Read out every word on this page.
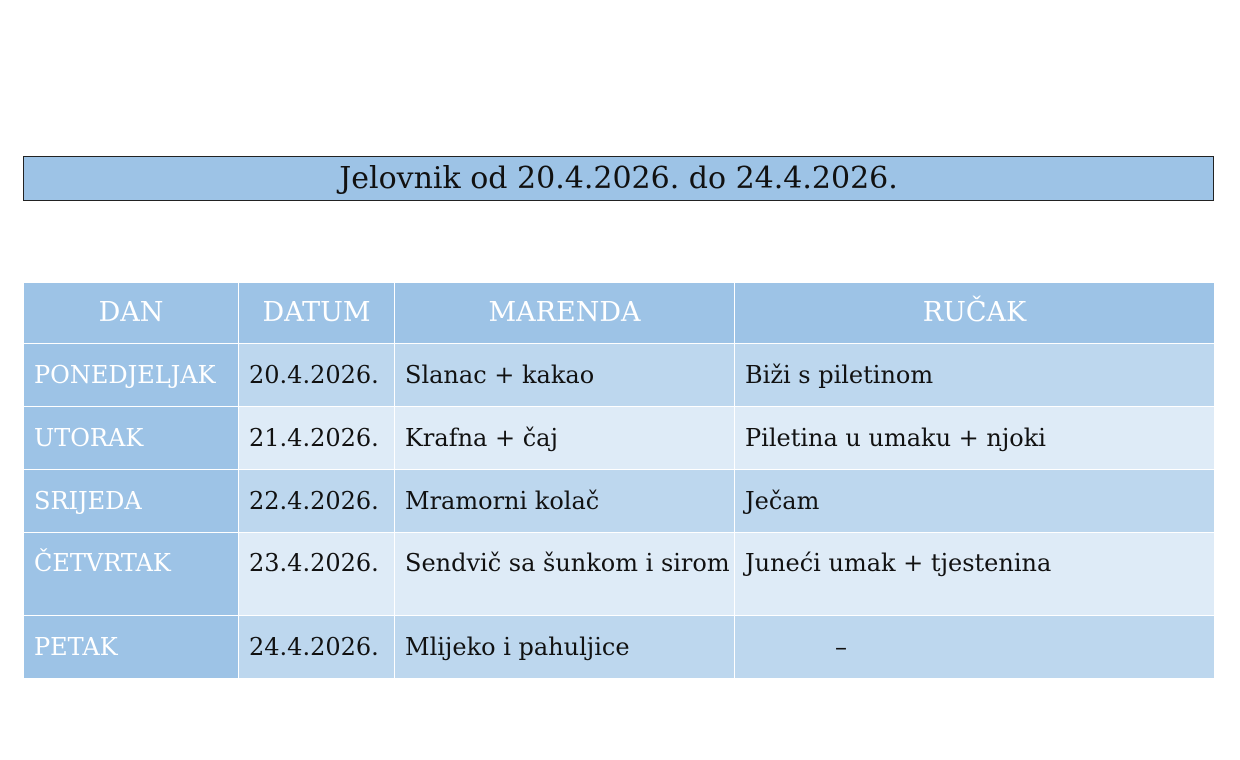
Jelovnik od 20.4.2026. do 24.4.2026.
DAN	DATUM	MARENDA	RUČAK
PONEDJELJAK	20.4.2026.	Slanac + kakao	Biži s piletinom
UTORAK	21.4.2026.	Krafna + čaj	Piletina u umaku + njoki
SRIJEDA	22.4.2026.	Mramorni kolač	Ječam

ČETVRTAK	23.4.2026.	Sendvič sa šunkom i sirom	Juneći umak + tjestenina

PETAK	24.4.2026.	Mlijeko i pahuljice	–
